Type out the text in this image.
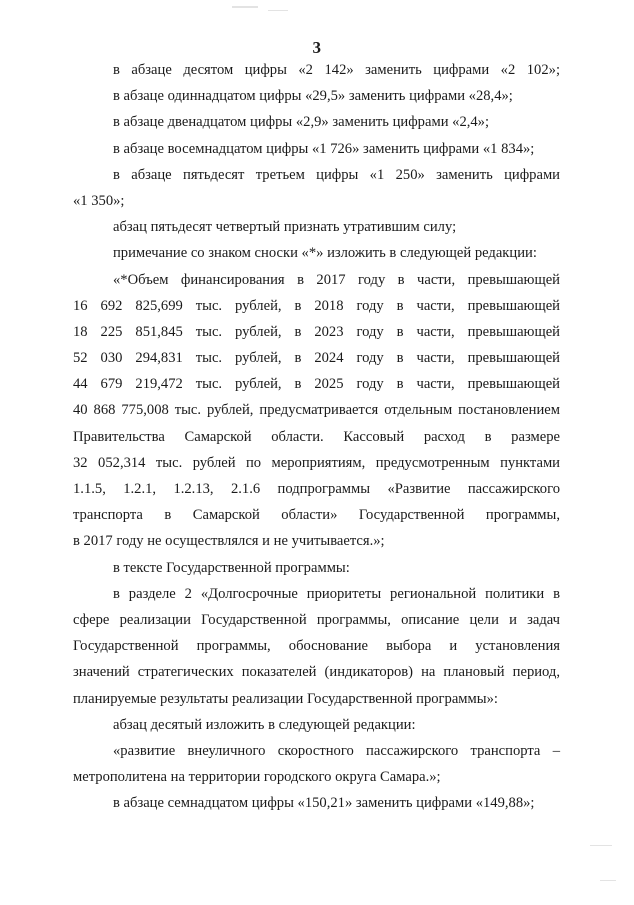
3
в абзаце десятом цифры «2 142» заменить цифрами «2 102»;
в абзаце одиннадцатом цифры «29,5» заменить цифрами «28,4»;
в абзаце двенадцатом цифры «2,9» заменить цифрами «2,4»;
в абзаце восемнадцатом цифры «1 726» заменить цифрами «1 834»;
в абзаце пятьдесят третьем цифры «1 250» заменить цифрами
«1 350»;
абзац пятьдесят четвертый признать утратившим силу;
примечание со знаком сноски «*» изложить в следующей редакции:
«*Объем финансирования в 2017 году в части, превышающей
16 692 825,699 тыс. рублей, в 2018 году в части, превышающей
18 225 851,845 тыс. рублей, в 2023 году в части, превышающей
52 030 294,831 тыс. рублей, в 2024 году в части, превышающей
44 679 219,472 тыс. рублей, в 2025 году в части, превышающей
40 868 775,008 тыс. рублей, предусматривается отдельным постановлением
Правительства Самарской области. Кассовый расход в размере
32 052,314 тыс. рублей по мероприятиям, предусмотренным пунктами
1.1.5, 1.2.1, 1.2.13, 2.1.6 подпрограммы «Развитие пассажирского
транспорта в Самарской области» Государственной программы,
в 2017 году не осуществлялся и не учитывается.»;
в тексте Государственной программы:
в разделе 2 «Долгосрочные приоритеты региональной политики в
сфере реализации Государственной программы, описание цели и задач
Государственной программы, обоснование выбора и установления
значений стратегических показателей (индикаторов) на плановый период,
планируемые результаты реализации Государственной программы»:
абзац десятый изложить в следующей редакции:
«развитие внеуличного скоростного пассажирского транспорта –
метрополитена на территории городского округа Самара.»;
в абзаце семнадцатом цифры «150,21» заменить цифрами «149,88»;
